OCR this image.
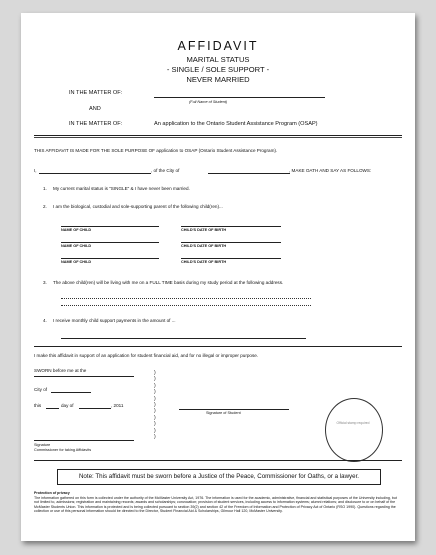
AFFIDAVIT
MARITAL STATUS
- SINGLE / SOLE SUPPORT -
NEVER MARRIED
IN THE MATTER OF:
(Full Name of Student)
AND
IN THE MATTER OF:	An application to the Ontario Student Assistance Program (OSAP)
THIS AFFIDAVIT IS MADE FOR THE SOLE PURPOSE OF application to OSAP (Ontario Student Assistance Program).
I,	, of the City of	, MAKE OATH AND SAY AS FOLLOWS:
1. My current marital status is "SINGLE" & I have never been married.
2. I am the biological, custodial and sole-supporting parent of the following child(ren)...
NAME OF CHILD	CHILD'S DATE OF BIRTH
NAME OF CHILD	CHILD'S DATE OF BIRTH
NAME OF CHILD	CHILD'S DATE OF BIRTH
3. The above child(ren) will be living with me on a FULL TIME basis during my study period at the following address.
4. I receive monthly child support payments in the amount of ...
I make this affidavit in support of an application for student financial aid, and for no illegal or improper purpose.
SWORN before me at the
City of
this	day of	, 2011
)
)
)
)
)
)
)
)
)
)
)
Signature of Student
Official stamp required
Signature
Commissioner for taking Affidavits
Note: This affidavit must be sworn before a Justice of the Peace, Commissioner for Oaths, or a lawyer.
Protection of privacy
The information gathered on this form is collected under the authority of the McMaster University Act, 1976. The information is used for the academic, administrative, financial and statistical purposes of the University including, but not limited to, admissions; registration and maintaining records; awards and scholarships; convocation; provision of student services, including access to information systems; alumni relations; and disclosure to or on behalf of the McMaster Students Union. This information is protected and is being collected pursuant to section 39(2) and section 42 of the Freedom of Information and Protection of Privacy Act of Ontario (RSO 1990). Questions regarding the collection or use of this personal information should be directed to the Director, Student Financial Aid & Scholarships, Gilmour Hall 120, McMaster University.
